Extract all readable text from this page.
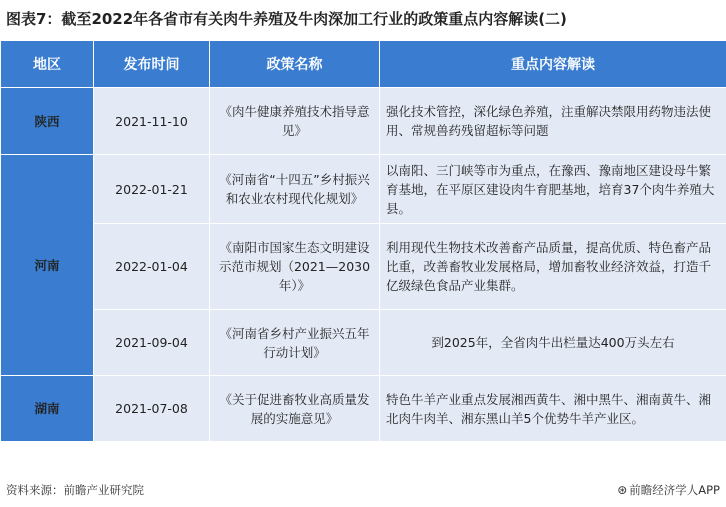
图表7：截至2022年各省市有关肉牛养殖及牛肉深加工行业的政策重点内容解读(二)
地区	发布时间	政策名称	重点内容解读
陕西	2021-11-10	《肉牛健康养殖技术指导意见》	强化技术管控，深化绿色养殖，注重解决禁限用药物违法使用、常规兽药残留超标等问题
河南	2022-01-21	《河南省“十四五”乡村振兴和农业农村现代化规划》	以南阳、三门峡等市为重点，在豫西、豫南地区建设母牛繁育基地，在平原区建设肉牛育肥基地，培育37个肉牛养殖大县。
	2022-01-04	《南阳市国家生态文明建设示范市规划（2021—2030年）》	利用现代生物技术改善畜产品质量，提高优质、特色畜产品比重，改善畜牧业发展格局，增加畜牧业经济效益，打造千亿级绿色食品产业集群。
	2021-09-04	《河南省乡村产业振兴五年行动计划》	到2025年，全省肉牛出栏量达400万头左右
湖南	2021-07-08	《关于促进畜牧业高质量发展的实施意见》	特色牛羊产业重点发展湘西黄牛、湘中黑牛、湘南黄牛、湘北肉牛肉羊、湘东黑山羊5个优势牛羊产业区。
资料来源：前瞻产业研究院	⊛ 前瞻经济学人APP
